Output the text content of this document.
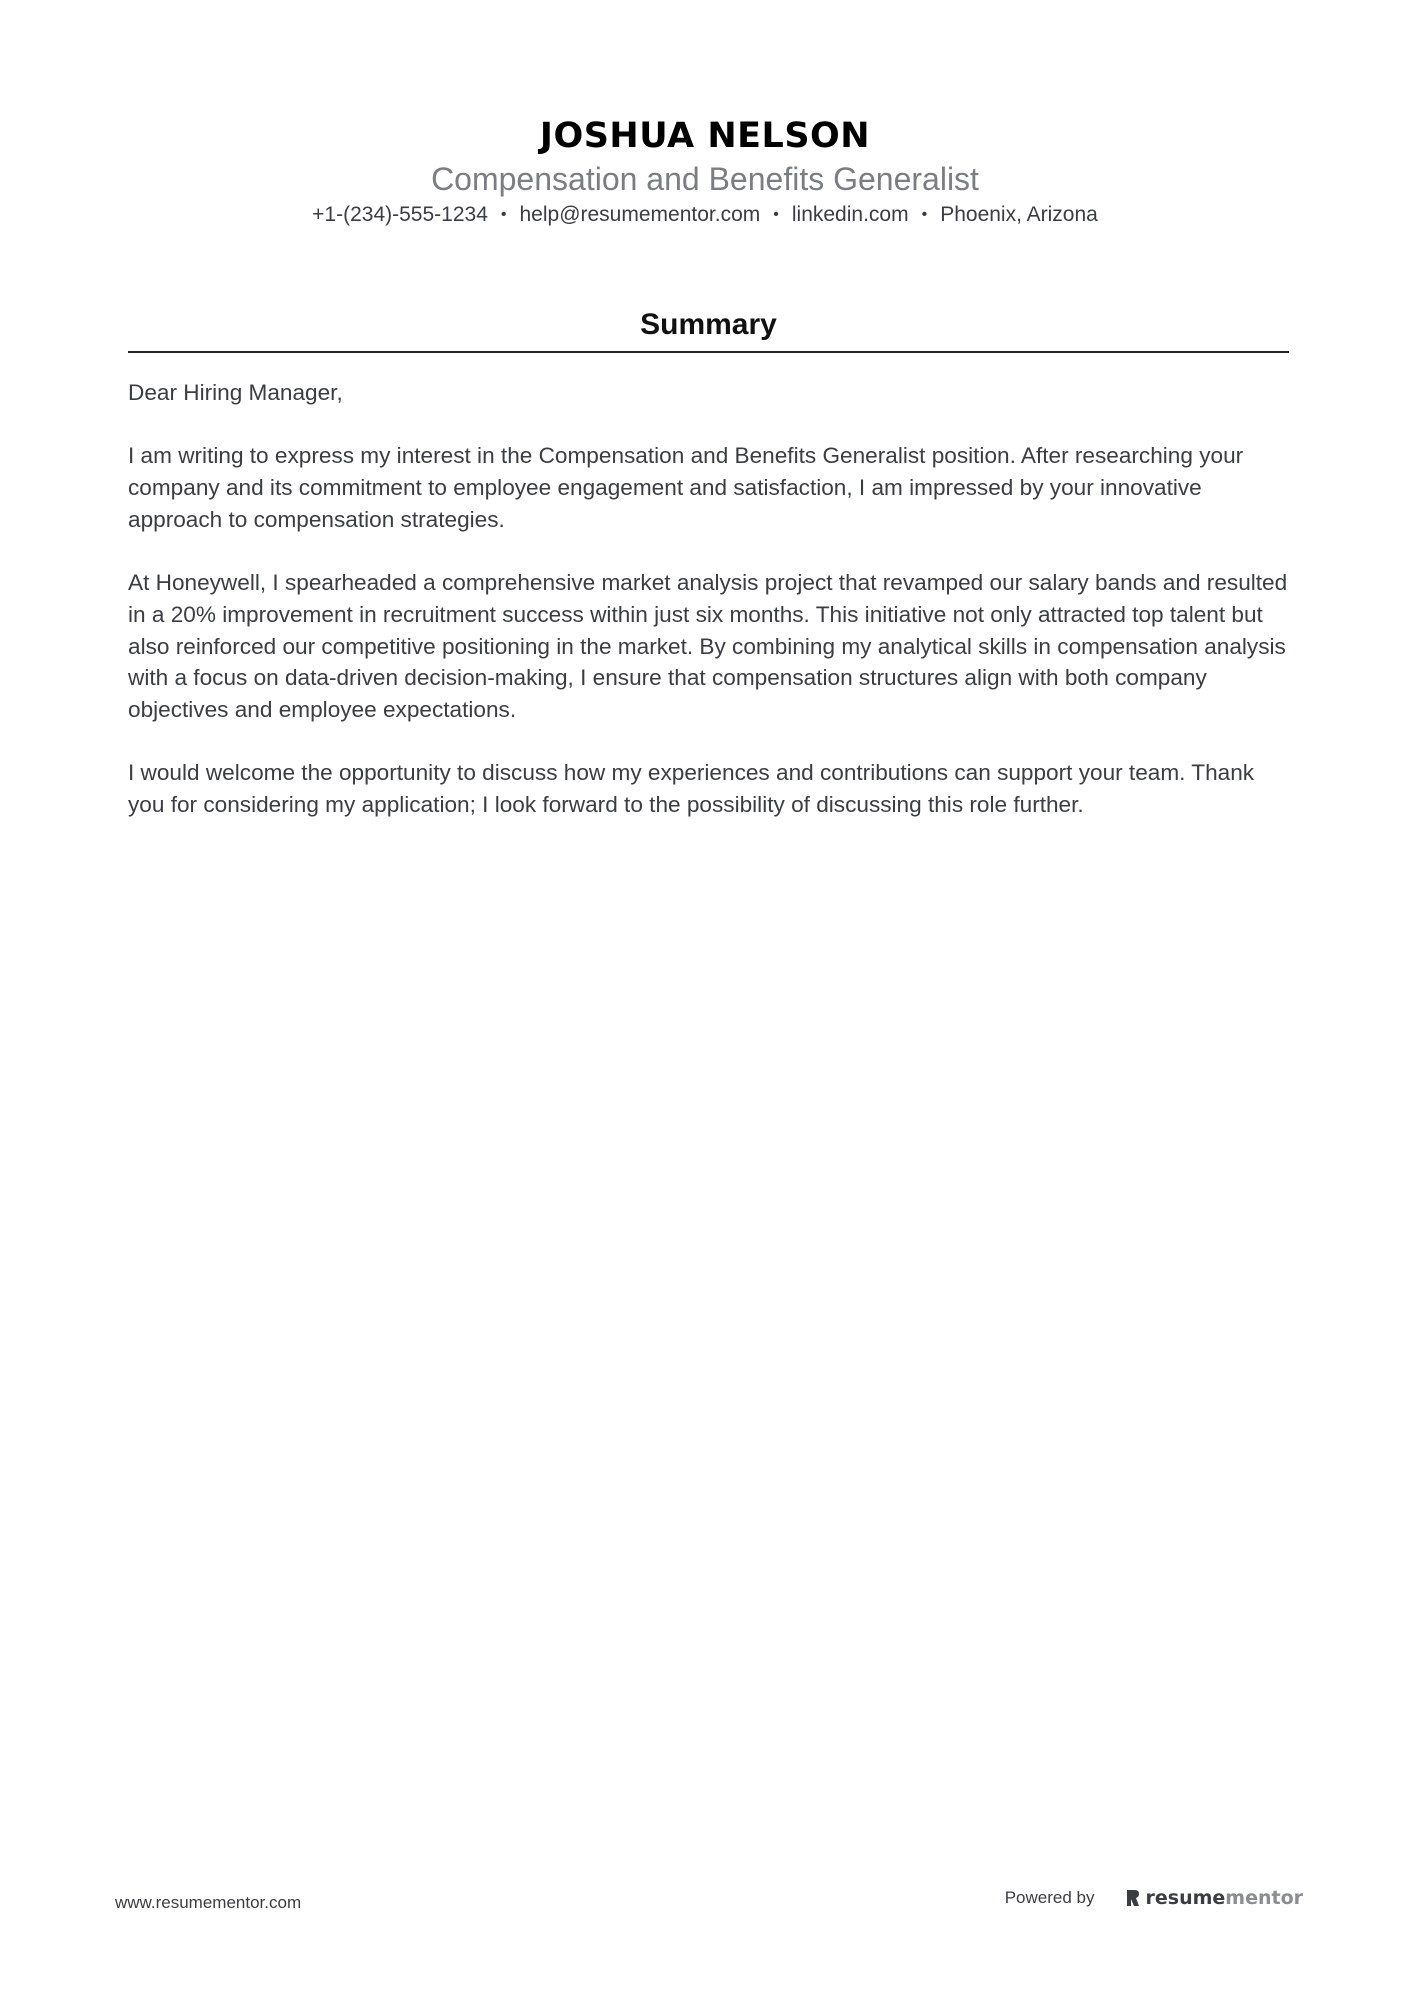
JOSHUA NELSON
Compensation and Benefits Generalist
+1-(234)-555-1234 • help@resumementor.com • linkedin.com • Phoenix, Arizona
Summary

Dear Hiring Manager,

I am writing to express my interest in the Compensation and Benefits Generalist position. After researching your company and its commitment to employee engagement and satisfaction, I am impressed by your innovative approach to compensation strategies.

At Honeywell, I spearheaded a comprehensive market analysis project that revamped our salary bands and resulted in a 20% improvement in recruitment success within just six months. This initiative not only attracted top talent but also reinforced our competitive positioning in the market. By combining my analytical skills in compensation analysis with a focus on data-driven decision-making, I ensure that compensation structures align with both company objectives and employee expectations.

I would welcome the opportunity to discuss how my experiences and contributions can support your team. Thank you for considering my application; I look forward to the possibility of discussing this role further.

www.resumementor.com	Powered by	resume mentor
